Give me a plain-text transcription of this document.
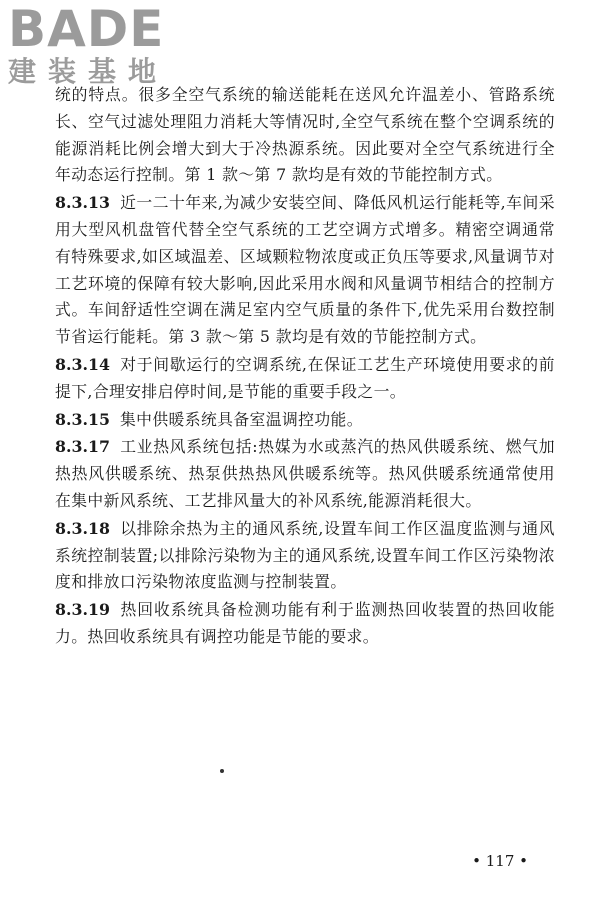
BADE
建装基地

统的特点。很多全空气系统的输送能耗在送风允许温差小、管路系统长、空气过滤处理阻力消耗大等情况时,全空气系统在整个空调系统的能源消耗比例会增大到大于冷热源系统。因此要对全空气系统进行全年动态运行控制。第 1 款～第 7 款均是有效的节能控制方式。

8.3.13 近一二十年来,为减少安装空间、降低风机运行能耗等,车间采用大型风机盘管代替全空气系统的工艺空调方式增多。精密空调通常有特殊要求,如区域温差、区域颗粒物浓度或正负压等要求,风量调节对工艺环境的保障有较大影响,因此采用水阀和风量调节相结合的控制方式。车间舒适性空调在满足室内空气质量的条件下,优先采用台数控制节省运行能耗。第 3 款～第 5 款均是有效的节能控制方式。

8.3.14 对于间歇运行的空调系统,在保证工艺生产环境使用要求的前提下,合理安排启停时间,是节能的重要手段之一。

8.3.15 集中供暖系统具备室温调控功能。

8.3.17 工业热风系统包括:热媒为水或蒸汽的热风供暖系统、燃气加热热风供暖系统、热泵供热热风供暖系统等。热风供暖系统通常使用在集中新风系统、工艺排风量大的补风系统,能源消耗很大。

8.3.18 以排除余热为主的通风系统,设置车间工作区温度监测与通风系统控制装置;以排除污染物为主的通风系统,设置车间工作区污染物浓度和排放口污染物浓度监测与控制装置。

8.3.19 热回收系统具备检测功能有利于监测热回收装置的热回收能力。热回收系统具有调控功能是节能的要求。

• 117 •
